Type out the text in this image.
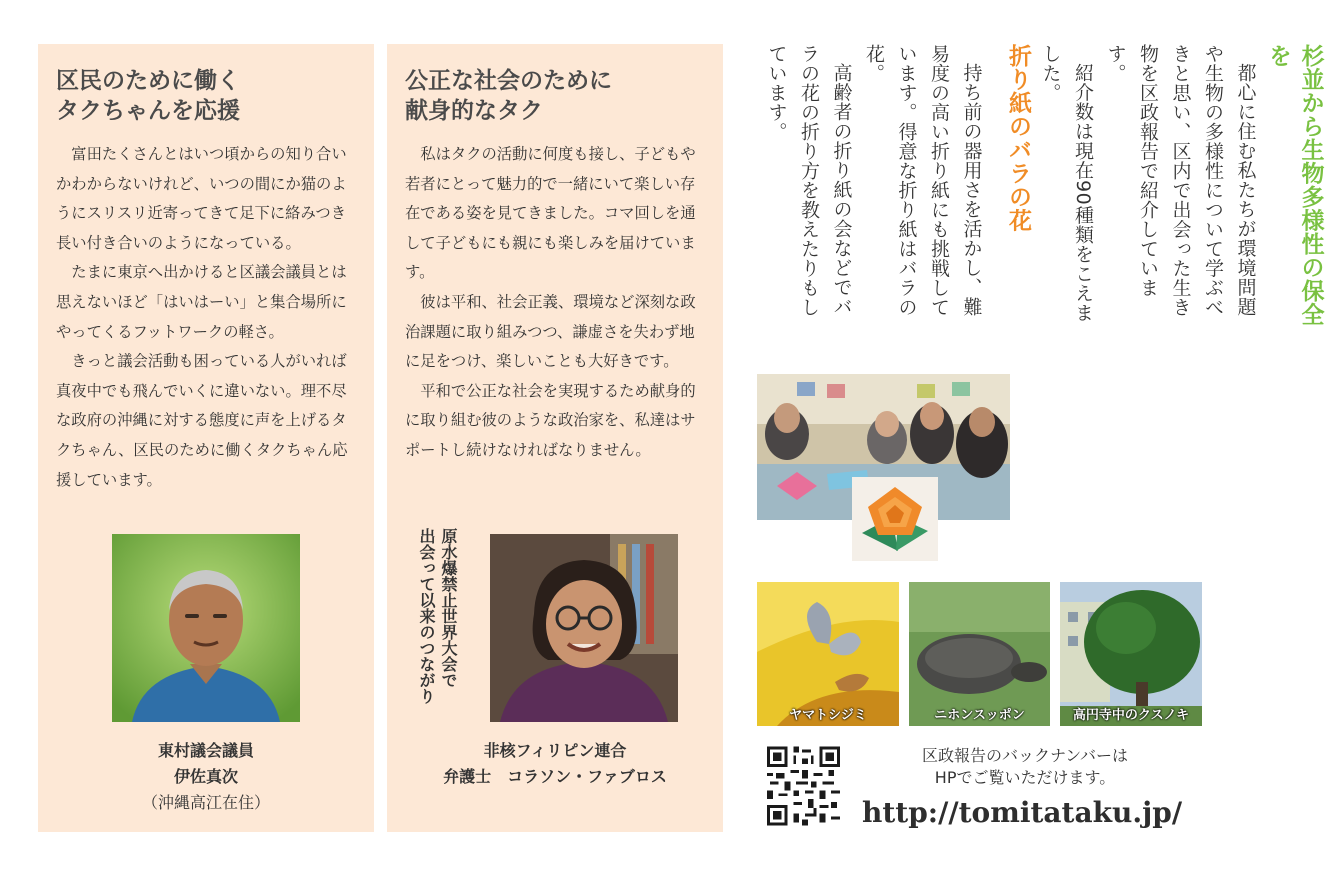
区民のために働く
タクちゃんを応援

富田たくさんとはいつ頃からの知り合いかわからないけれど、いつの間にか猫のようにスリスリ近寄ってきて足下に絡みつき長い付き合いのようになっている。

たまに東京へ出かけると区議会議員とは思えないほど「はいはーい」と集合場所にやってくるフットワークの軽さ。

きっと議会活動も困っている人がいれば真夜中でも飛んでいくに違いない。理不尽な政府の沖縄に対する態度に声を上げるタクちゃん、区民のために働くタクちゃん応援しています。

東村議会議員
伊佐真次
（沖縄高江在住）
公正な社会のために
献身的なタク

私はタクの活動に何度も接し、子どもや若者にとって魅力的で一緒にいて楽しい存在である姿を見てきました。コマ回しを通して子どもにも親にも楽しみを届けています。

彼は平和、社会正義、環境など深刻な政治課題に取り組みつつ、謙虚さを失わず地に足をつけ、楽しいことも大好きです。

平和で公正な社会を実現するため献身的に取り組む彼のような政治家を、私達はサポートし続けなければなりません。

原水爆禁止世界大会で
出会って以来のつながり
非核フィリピン連合
弁護士　コラソン・ファブロス
杉並から生物多様性の保全を

都心に住む私たちが環境問題や生物の多様性について学ぶべきと思い、区内で出会った生き物を区政報告で紹介しています。

紹介数は現在90種類をこえました。

折り紙のバラの花

持ち前の器用さを活かし、難易度の高い折り紙にも挑戦しています。得意な折り紙はバラの花。

高齢者の折り紙の会などでバラの花の折り方を教えたりもしています。

ヤマトシジミ	ニホンスッポン	高円寺中のクスノキ
区政報告のバックナンバーは
HPでご覧いただけます。
http://tomitataku.jp/
